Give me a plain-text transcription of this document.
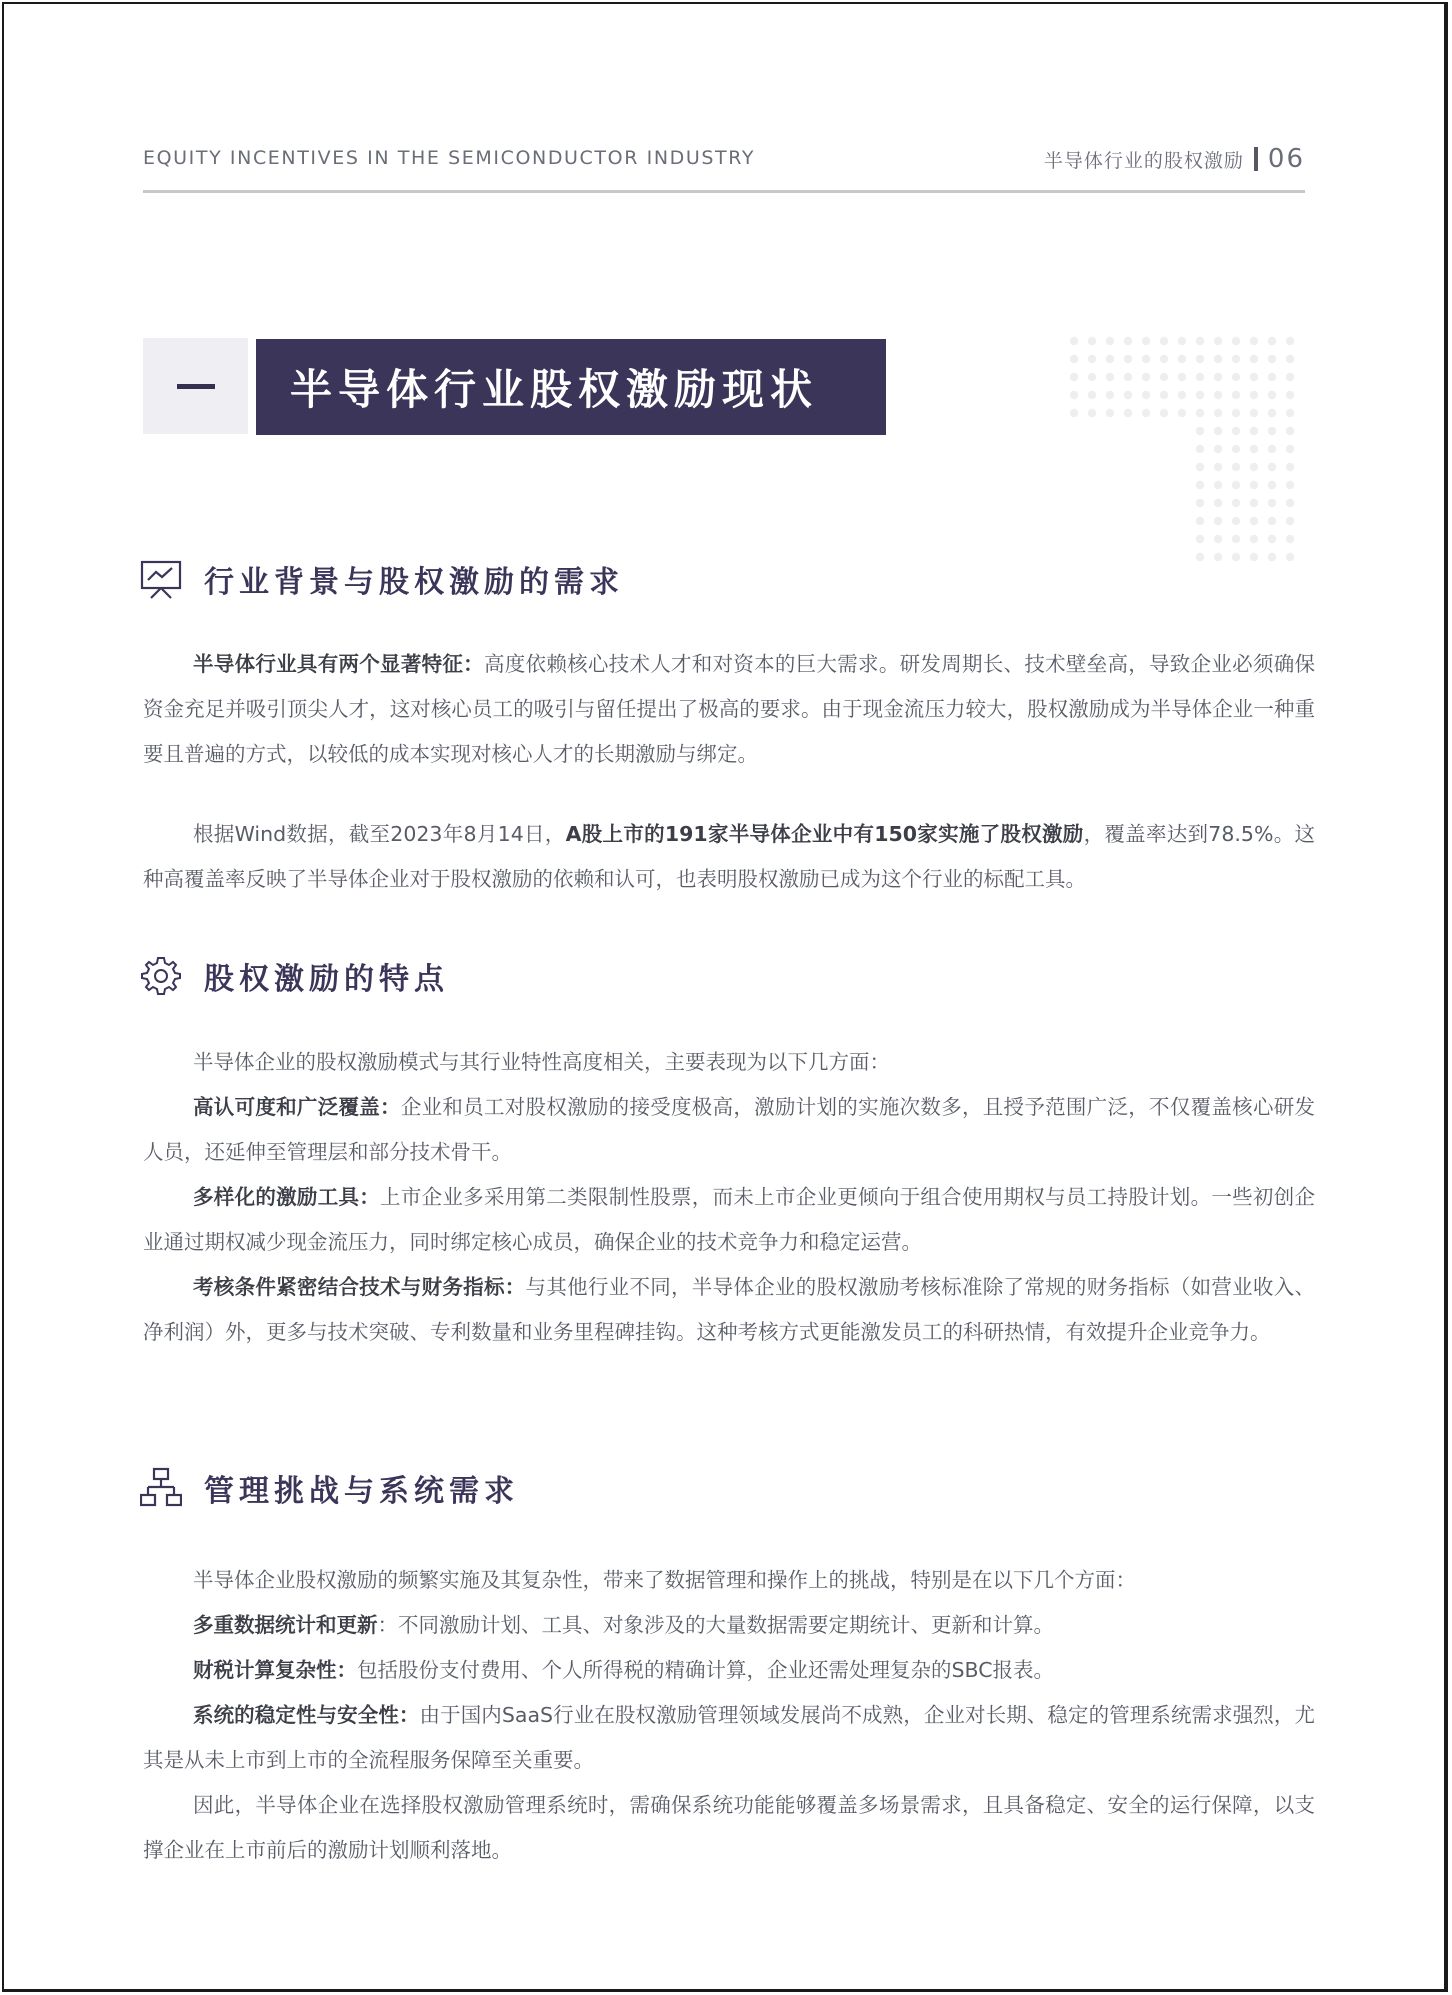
EQUITY INCENTIVES IN THE SEMICONDUCTOR INDUSTRY	半导体行业的股权激励 06
半导体行业股权激励现状
行业背景与股权激励的需求

半导体行业具有两个显著特征：高度依赖核心技术人才和对资本的巨大需求。研发周期长、技术壁垒高，导致企业必须确保资金充足并吸引顶尖人才，这对核心员工的吸引与留任提出了极高的要求。由于现金流压力较大，股权激励成为半导体企业一种重要且普遍的方式，以较低的成本实现对核心人才的长期激励与绑定。

根据Wind数据，截至2023年8月14日，A股上市的191家半导体企业中有150家实施了股权激励，覆盖率达到78.5%。这种高覆盖率反映了半导体企业对于股权激励的依赖和认可，也表明股权激励已成为这个行业的标配工具。

股权激励的特点

半导体企业的股权激励模式与其行业特性高度相关，主要表现为以下几方面：

高认可度和广泛覆盖：企业和员工对股权激励的接受度极高，激励计划的实施次数多，且授予范围广泛，不仅覆盖核心研发人员，还延伸至管理层和部分技术骨干。

多样化的激励工具：上市企业多采用第二类限制性股票，而未上市企业更倾向于组合使用期权与员工持股计划。一些初创企业通过期权减少现金流压力，同时绑定核心成员，确保企业的技术竞争力和稳定运营。

考核条件紧密结合技术与财务指标：与其他行业不同，半导体企业的股权激励考核标准除了常规的财务指标（如营业收入、净利润）外，更多与技术突破、专利数量和业务里程碑挂钩。这种考核方式更能激发员工的科研热情，有效提升企业竞争力。

管理挑战与系统需求

半导体企业股权激励的频繁实施及其复杂性，带来了数据管理和操作上的挑战，特别是在以下几个方面：

多重数据统计和更新：不同激励计划、工具、对象涉及的大量数据需要定期统计、更新和计算。

财税计算复杂性：包括股份支付费用、个人所得税的精确计算，企业还需处理复杂的SBC报表。

系统的稳定性与安全性：由于国内SaaS行业在股权激励管理领域发展尚不成熟，企业对长期、稳定的管理系统需求强烈，尤其是从未上市到上市的全流程服务保障至关重要。

因此，半导体企业在选择股权激励管理系统时，需确保系统功能能够覆盖多场景需求，且具备稳定、安全的运行保障，以支撑企业在上市前后的激励计划顺利落地。
